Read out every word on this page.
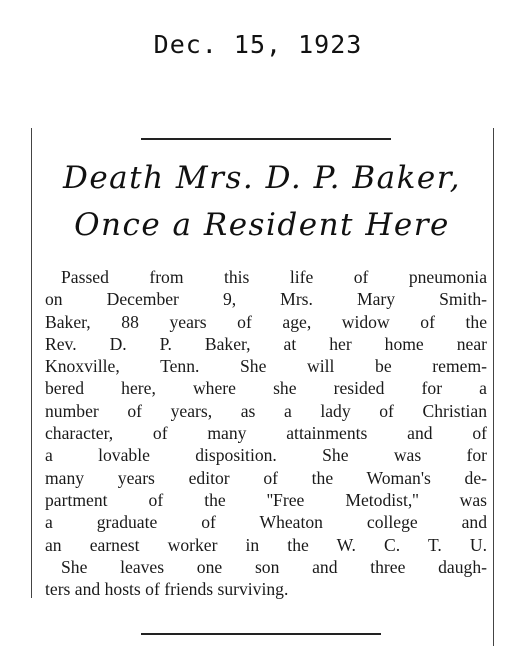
Dec. 15, 1923
Death Mrs. D. P. Baker,
Once a Resident Here
Passed from this life of pneumonia
on December 9, Mrs. Mary Smith-
Baker, 88 years of age, widow of the
Rev. D. P. Baker, at her home near
Knoxville, Tenn. She will be remem-
bered here, where she resided for a
number of years, as a lady of Christian
character, of many attainments and of
a lovable disposition. She was for
many years editor of the Woman's de-
partment of the ''Free Metodist,'' was
a graduate of Wheaton college and
an earnest worker in the W. C. T. U.
She leaves one son and three daugh-
ters and hosts of friends surviving.
